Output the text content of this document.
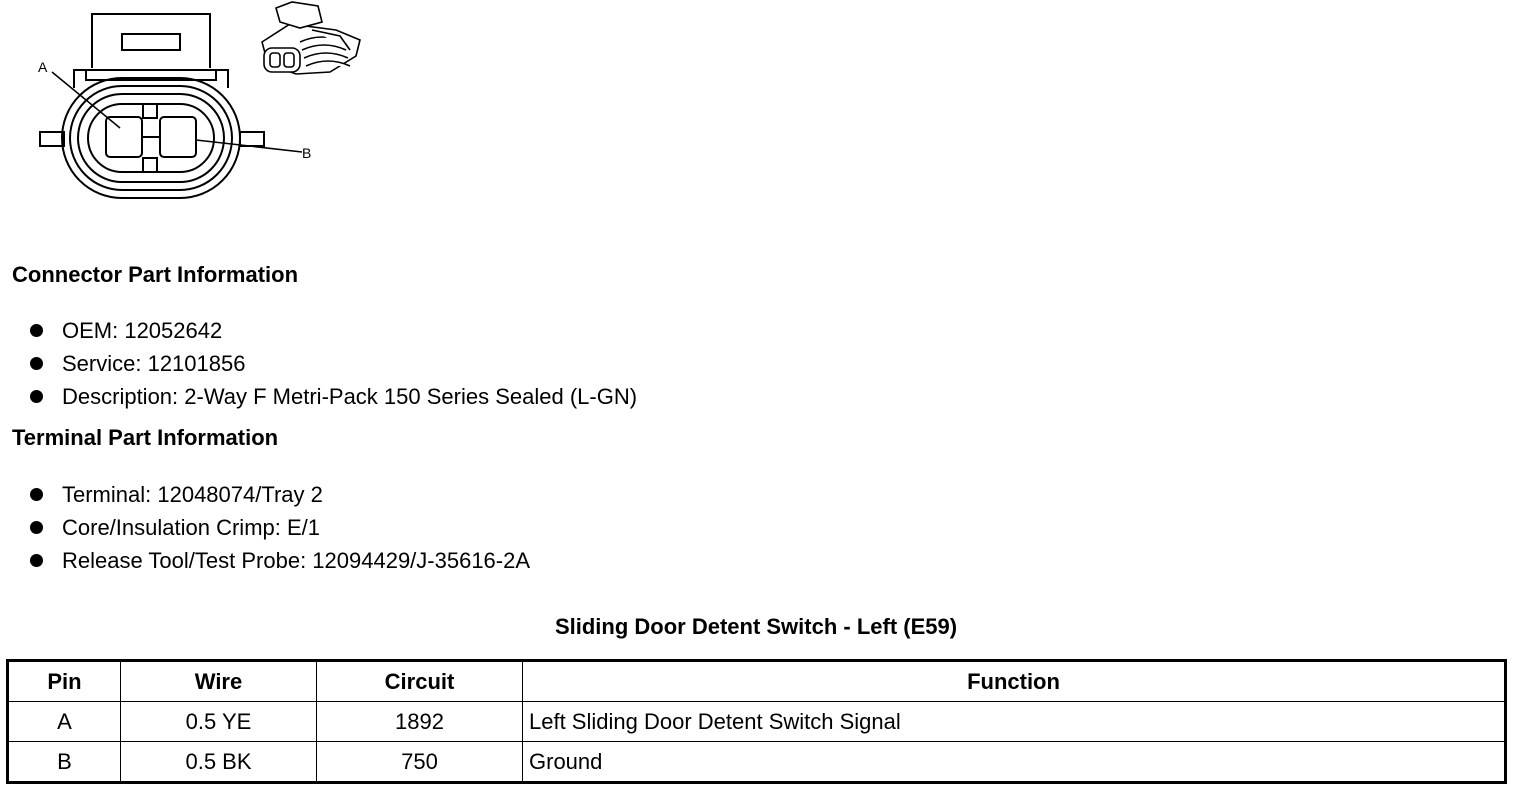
A
B
Connector Part Information
OEM: 12052642
Service: 12101856
Description: 2-Way F Metri-Pack 150 Series Sealed (L-GN)
Terminal Part Information
Terminal: 12048074/Tray 2
Core/Insulation Crimp: E/1
Release Tool/Test Probe: 12094429/J-35616-2A
Sliding Door Detent Switch - Left (E59)
Pin	Wire	Circuit	Function
A	0.5 YE	1892	Left Sliding Door Detent Switch Signal
B	0.5 BK	750	Ground
